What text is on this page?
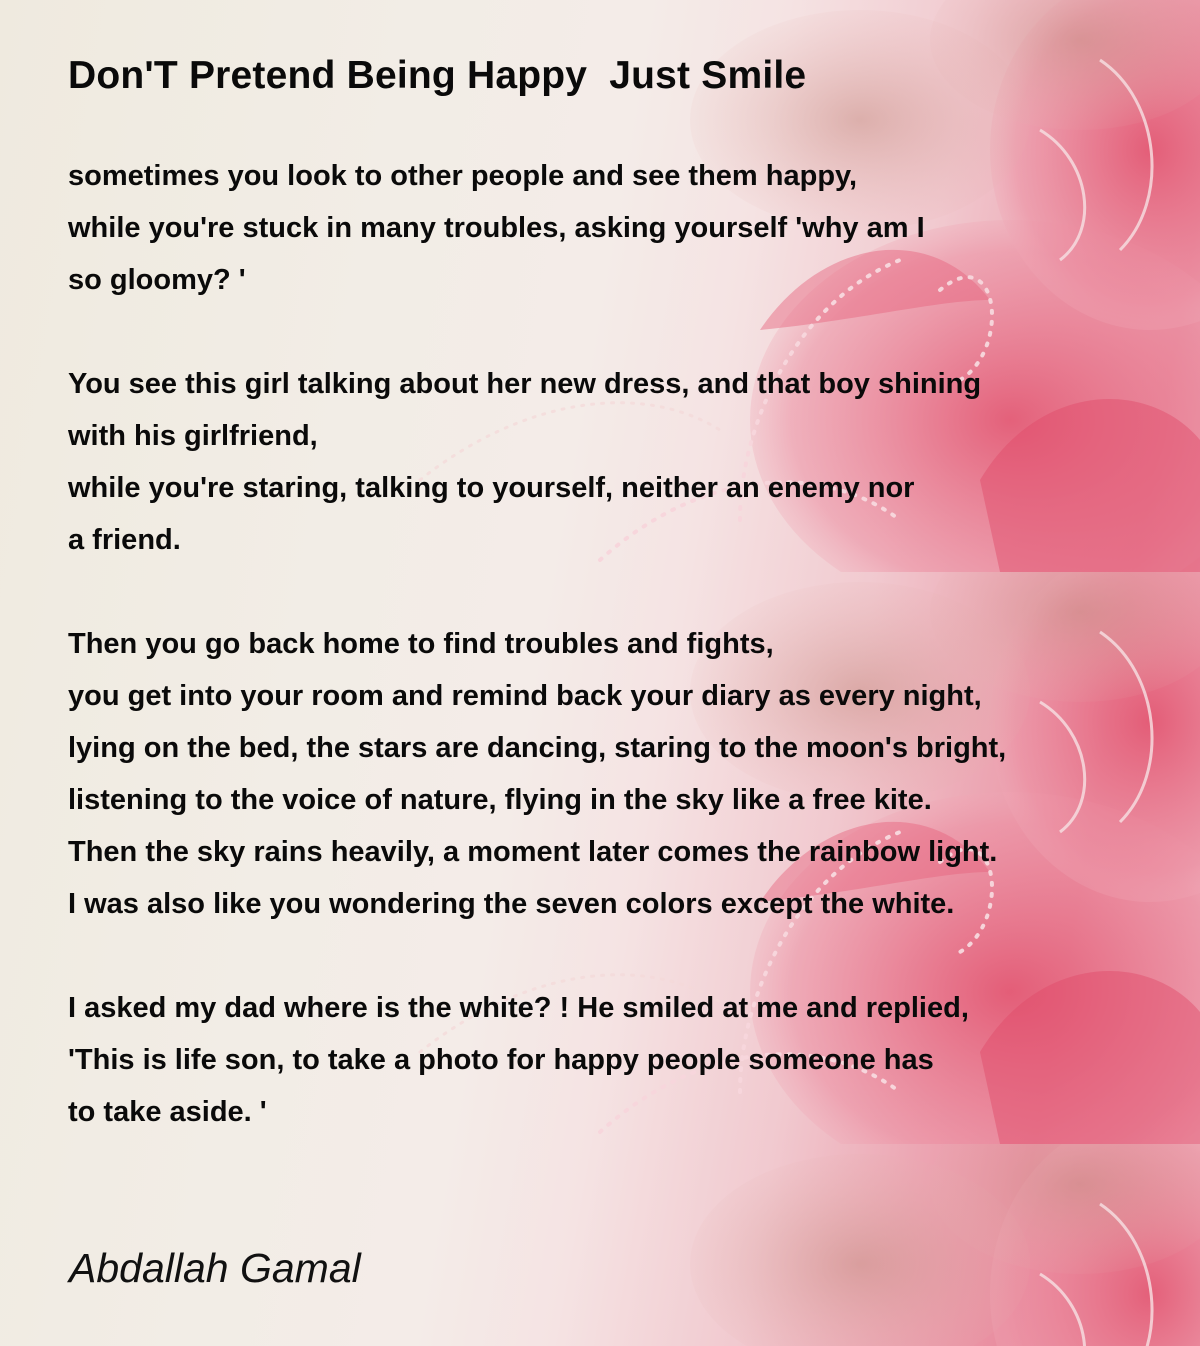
Don'T Pretend Being Happy  Just Smile
sometimes you look to other people and see them happy,
while you're stuck in many troubles, asking yourself 'why am I
so gloomy? '
You see this girl talking about her new dress, and that boy shining
with his girlfriend,
while you're staring, talking to yourself, neither an enemy nor
a friend.
Then you go back home to find troubles and fights,
you get into your room and remind back your diary as every night,
lying on the bed, the stars are dancing, staring to the moon's bright,
listening to the voice of nature, flying in the sky like a free kite.
Then the sky rains heavily, a moment later comes the rainbow light.
I was also like you wondering the seven colors except the white.
I asked my dad where is the white? ! He smiled at me and replied,
'This is life son, to take a photo for happy people someone has
to take aside. '

Abdallah Gamal
